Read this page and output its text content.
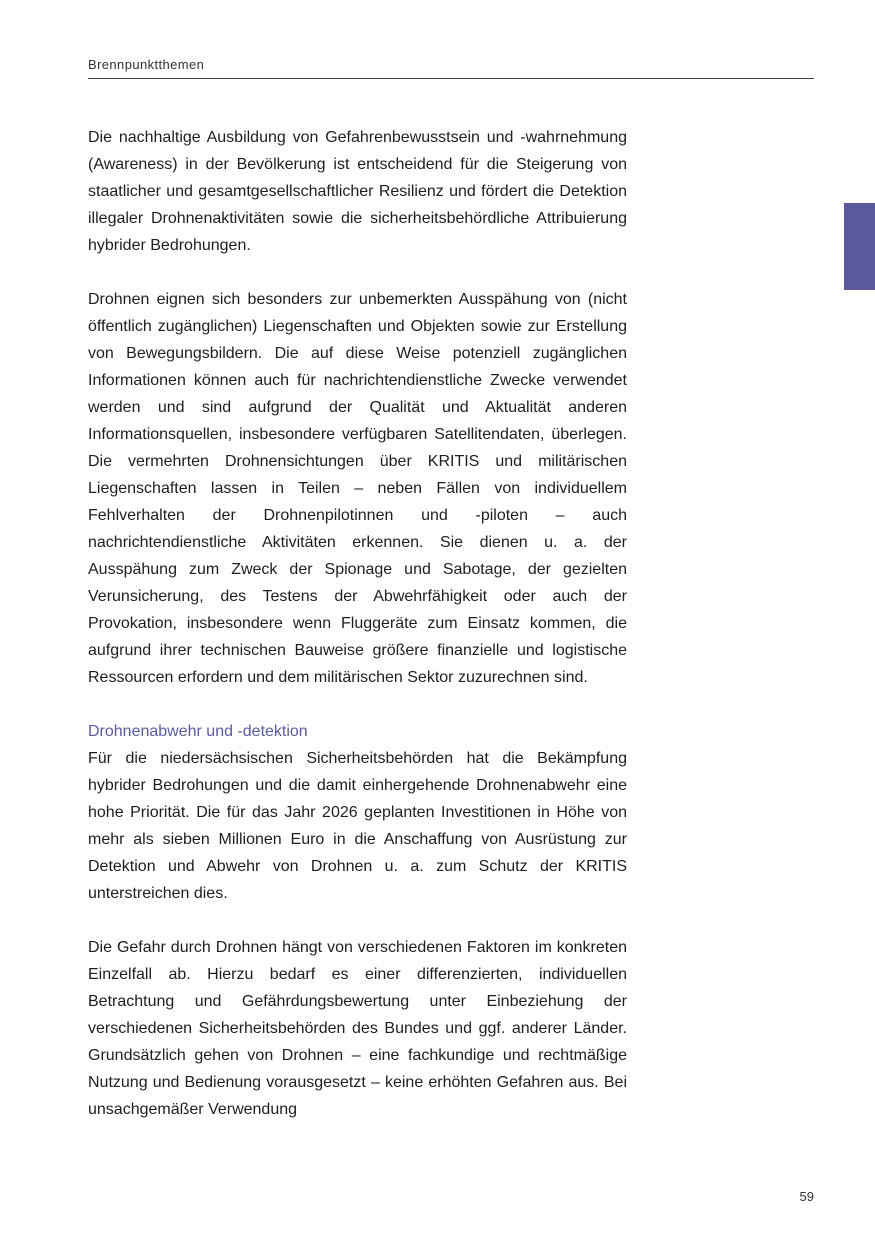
Brennpunktthemen

Die nachhaltige Ausbildung von Gefahrenbewusstsein und -wahrnehmung (Awareness) in der Bevölkerung ist entscheidend für die Steigerung von staatlicher und gesamtgesellschaftlicher Resilienz und fördert die Detektion illegaler Drohnenaktivitäten sowie die sicherheitsbehördliche Attribuierung hybrider Bedrohungen.

Drohnen eignen sich besonders zur unbemerkten Ausspähung von (nicht öffentlich zugänglichen) Liegenschaften und Objekten sowie zur Erstellung von Bewegungsbildern. Die auf diese Weise potenziell zugänglichen Informationen können auch für nachrichtendienstliche Zwecke verwendet werden und sind aufgrund der Qualität und Aktualität anderen Informationsquellen, insbesondere verfügbaren Satellitendaten, überlegen. Die vermehrten Drohnensichtungen über KRITIS und militärischen Liegenschaften lassen in Teilen – neben Fällen von individuellem Fehlverhalten der Drohnenpilotinnen und -piloten – auch nachrichtendienstliche Aktivitäten erkennen. Sie dienen u. a. der Ausspähung zum Zweck der Spionage und Sabotage, der gezielten Verunsicherung, des Testens der Abwehrfähigkeit oder auch der Provokation, insbesondere wenn Fluggeräte zum Einsatz kommen, die aufgrund ihrer technischen Bauweise größere finanzielle und logistische Ressourcen erfordern und dem militärischen Sektor zuzurechnen sind.

Drohnenabwehr und -detektion

Für die niedersächsischen Sicherheitsbehörden hat die Bekämpfung hybrider Bedrohungen und die damit einhergehende Drohnenabwehr eine hohe Priorität. Die für das Jahr 2026 geplanten Investitionen in Höhe von mehr als sieben Millionen Euro in die Anschaffung von Ausrüstung zur Detektion und Abwehr von Drohnen u. a. zum Schutz der KRITIS unterstreichen dies.

Die Gefahr durch Drohnen hängt von verschiedenen Faktoren im konkreten Einzelfall ab. Hierzu bedarf es einer differenzierten, individuellen Betrachtung und Gefährdungsbewertung unter Einbeziehung der verschiedenen Sicherheitsbehörden des Bundes und ggf. anderer Länder. Grundsätzlich gehen von Drohnen – eine fachkundige und rechtmäßige Nutzung und Bedienung vorausgesetzt – keine erhöhten Gefahren aus. Bei unsachgemäßer Verwendung

59
